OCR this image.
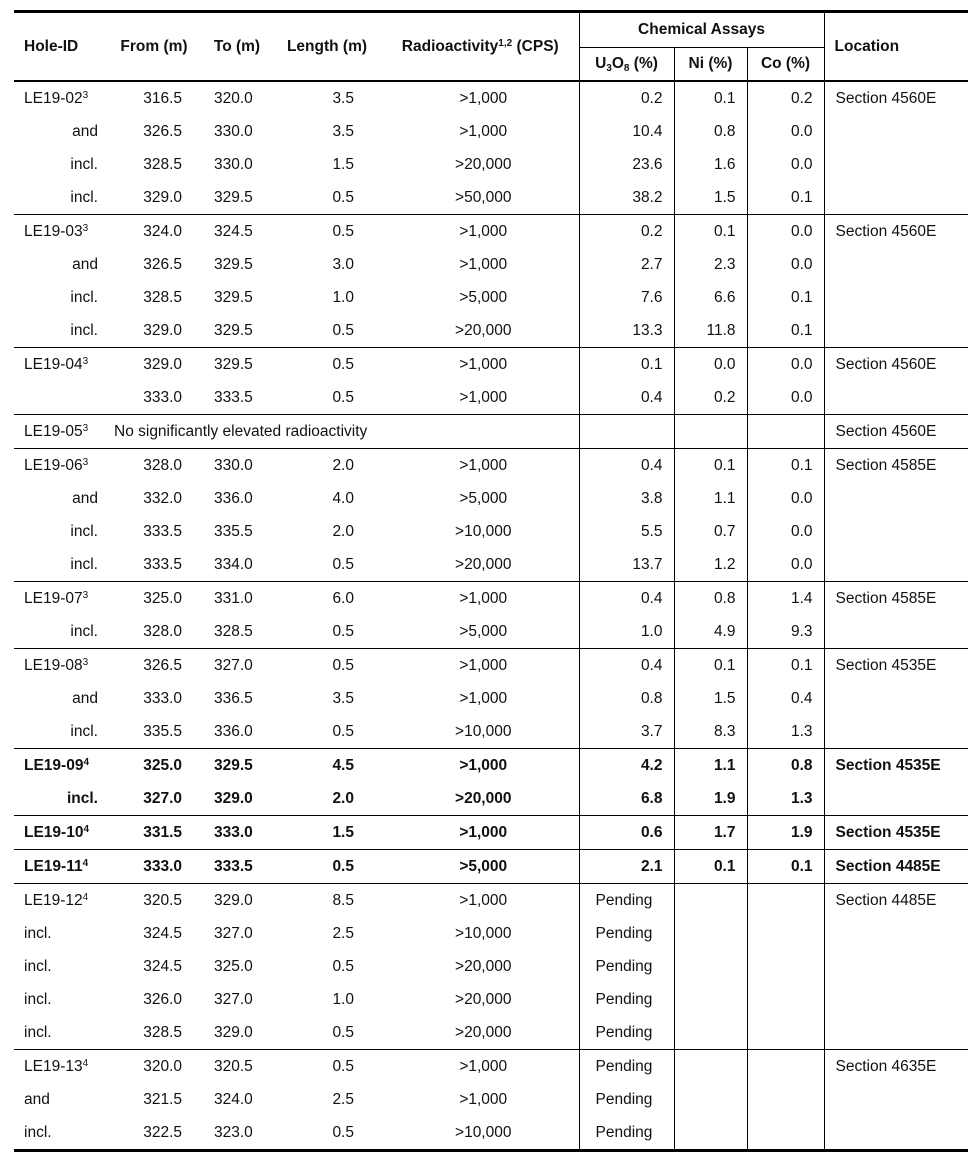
Hole-ID	From (m)	To (m)	Length (m)	Radioactivity$^{1,2}$ (CPS)	Chemical Assays			Location
					$U_3O_8$ (%)	Ni (%)	Co (%)	
$LE19-02^3$	316.5	320.0	3.5	>1,000	0.2	0.1	0.2	Section 4560E
and	326.5	330.0	3.5	>1,000	10.4	0.8	0.0	
incl.	328.5	330.0	1.5	>20,000	23.6	1.6	0.0	
incl.	329.0	329.5	0.5	>50,000	38.2	1.5	0.1	
$LE19-03^3$	324.0	324.5	0.5	>1,000	0.2	0.1	0.0	Section 4560E
and	326.5	329.5	3.0	>1,000	2.7	2.3	0.0	
incl.	328.5	329.5	1.0	>5,000	7.6	6.6	0.1	
incl.	329.0	329.5	0.5	>20,000	13.3	11.8	0.1	
$LE19-04^3$	329.0	329.5	0.5	>1,000	0.1	0.0	0.0	Section 4560E
	333.0	333.5	0.5	>1,000	0.4	0.2	0.0	
$LE19-05^3$	No significantly elevated radioactivity							Section 4560E
$LE19-06^3$	328.0	330.0	2.0	>1,000	0.4	0.1	0.1	Section 4585E
and	332.0	336.0	4.0	>5,000	3.8	1.1	0.0	
incl.	333.5	335.5	2.0	>10,000	5.5	0.7	0.0	
incl.	333.5	334.0	0.5	>20,000	13.7	1.2	0.0	
$LE19-07^3$	325.0	331.0	6.0	>1,000	0.4	0.8	1.4	Section 4585E
incl.	328.0	328.5	0.5	>5,000	1.0	4.9	9.3	
$LE19-08^3$	326.5	327.0	0.5	>1,000	0.4	0.1	0.1	Section 4535E
and	333.0	336.5	3.5	>1,000	0.8	1.5	0.4	
incl.	335.5	336.0	0.5	>10,000	3.7	8.3	1.3	
$LE19-09^4$	325.0	329.5	4.5	>1,000	4.2	1.1	0.8	Section 4535E
incl.	327.0	329.0	2.0	>20,000	6.8	1.9	1.3	
$LE19-10^4$	331.5	333.0	1.5	>1,000	0.6	1.7	1.9	Section 4535E
$LE19-11^4$	333.0	333.5	0.5	>5,000	2.1	0.1	0.1	Section 4485E
$LE19-12^4$	320.5	329.0	8.5	>1,000	Pending			Section 4485E
incl.	324.5	327.0	2.5	>10,000	Pending			
incl.	324.5	325.0	0.5	>20,000	Pending			
incl.	326.0	327.0	1.0	>20,000	Pending			
incl.	328.5	329.0	0.5	>20,000	Pending			
$LE19-13^4$	320.0	320.5	0.5	>1,000	Pending			Section 4635E
and	321.5	324.0	2.5	>1,000	Pending			
incl.	322.5	323.0	0.5	>10,000	Pending			
